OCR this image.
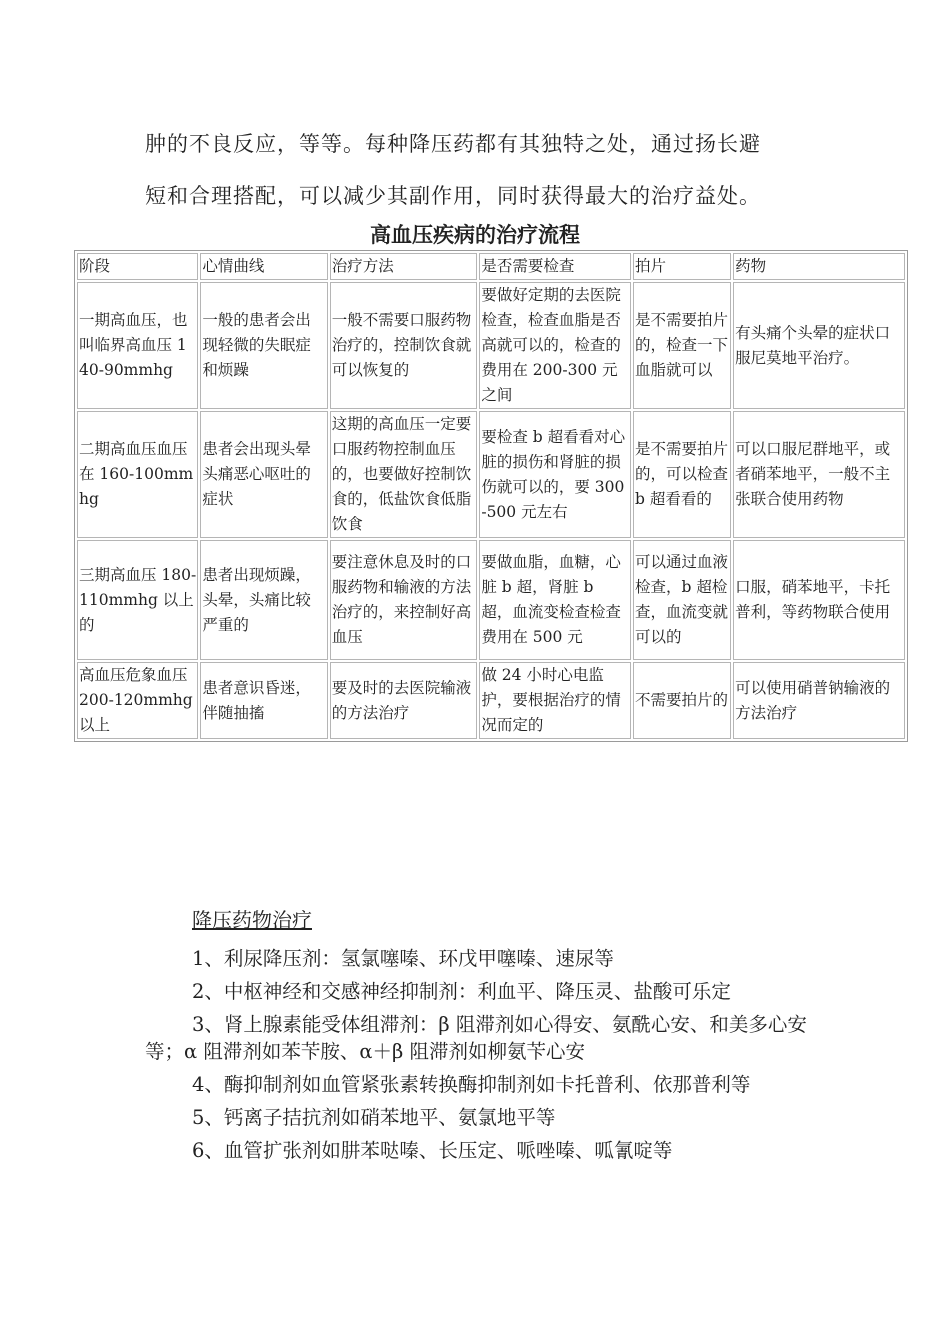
肿的不良反应，等等。每种降压药都有其独特之处，通过扬长避

短和合理搭配，可以减少其副作用，同时获得最大的治疗益处。

高血压疾病的治疗流程
阶段	心情曲线	治疗方法	是否需要检查	拍片	药物
一期高血压，也叫临界高血压 140-90mmhg	一般的患者会出现轻微的失眠症和烦躁	一般不需要口服药物治疗的，控制饮食就可以恢复的	要做好定期的去医院检查，检查血脂是否高就可以的，检查的费用在 200-300 元之间	是不需要拍片的，检查一下血脂就可以	有头痛个头晕的症状口服尼莫地平治疗。
二期高血压血压在 160-100mmhg	患者会出现头晕头痛恶心呕吐的症状	这期的高血压一定要口服药物控制血压的，也要做好控制饮食的，低盐饮食低脂饮食	要检查 b 超看看对心脏的损伤和肾脏的损伤就可以的，要 300-500 元左右	是不需要拍片的，可以检查 b 超看看的	可以口服尼群地平，或者硝苯地平，一般不主张联合使用药物
三期高血压 180-110mmhg 以上的	患者出现烦躁，头晕，头痛比较严重的	要注意休息及时的口服药物和输液的方法治疗的，来控制好高血压	要做血脂，血糖，心脏 b 超，肾脏 b 超，血流变检查检查费用在 500 元	可以通过血液检查，b 超检查，血流变就可以的	口服，硝苯地平，卡托普利，等药物联合使用
高血压危象血压 200-120mmhg 以上	患者意识昏迷，伴随抽搐	要及时的去医院输液的方法治疗	做 24 小时心电监护，要根据治疗的情况而定的	不需要拍片的	可以使用硝普钠输液的方法治疗
降压药物治疗

1、利尿降压剂：氢氯噻嗪、环戊甲噻嗪、速尿等

2、中枢神经和交感神经抑制剂：利血平、降压灵、盐酸可乐定

3、肾上腺素能受体组滞剂：β 阻滞剂如心得安、氨酰心安、和美多心安等；α 阻滞剂如苯苄胺、α＋β 阻滞剂如柳氨苄心安

4、酶抑制剂如血管紧张素转换酶抑制剂如卡托普利、依那普利等

5、钙离子拮抗剂如硝苯地平、氨氯地平等

6、血管扩张剂如肼苯哒嗪、长压定、哌唑嗪、呱氰啶等
